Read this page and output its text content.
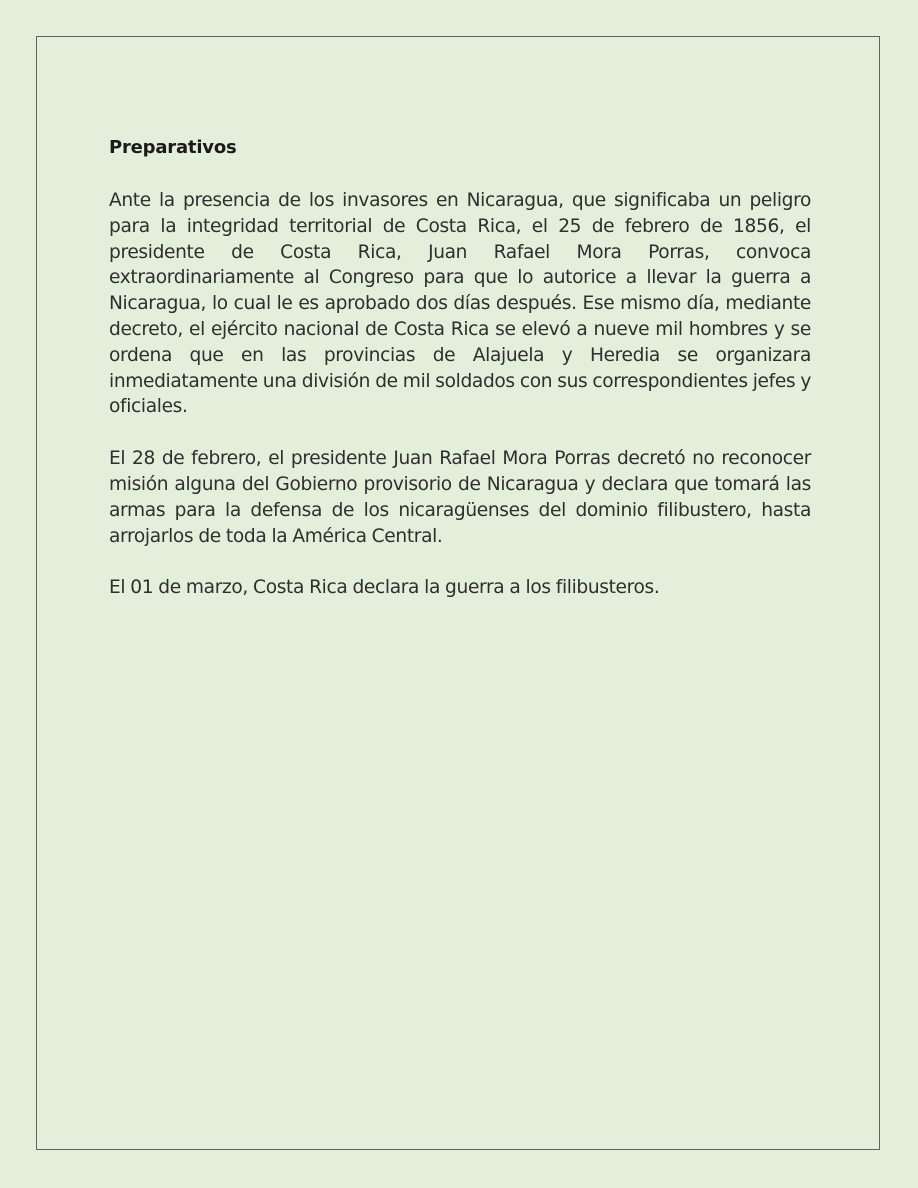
Preparativos

Ante la presencia de los invasores en Nicaragua, que significaba un peligro para la integridad territorial de Costa Rica, el 25 de febrero de 1856, el presidente de Costa Rica, Juan Rafael Mora Porras, convoca extraordinariamente al Congreso para que lo autorice a llevar la guerra a Nicaragua, lo cual le es aprobado dos días después. Ese mismo día, mediante decreto, el ejército nacional de Costa Rica se elevó a nueve mil hombres y se ordena que en las provincias de Alajuela y Heredia se organizara inmediatamente una división de mil soldados con sus correspondientes jefes y oficiales.

El 28 de febrero, el presidente Juan Rafael Mora Porras decretó no reconocer misión alguna del Gobierno provisorio de Nicaragua y declara que tomará las armas para la defensa de los nicaragüenses del dominio filibustero, hasta arrojarlos de toda la América Central.

El 01 de marzo, Costa Rica declara la guerra a los filibusteros.
